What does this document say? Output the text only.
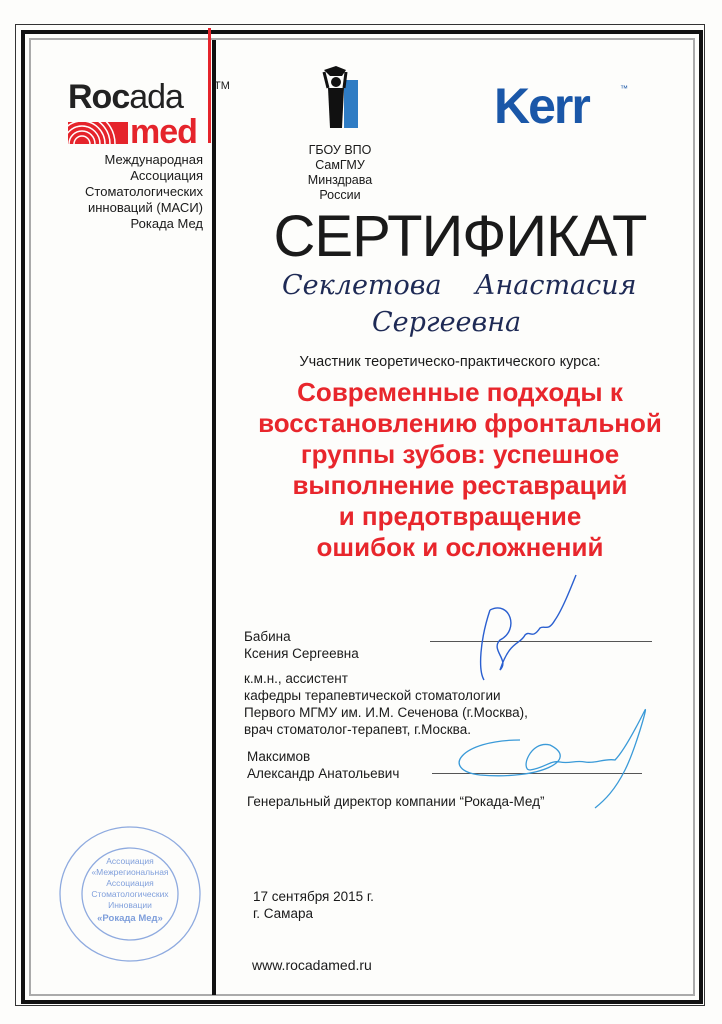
Rocada	TM
med
Международная
Ассоциация
Стоматологических
инноваций (МАСИ)
Рокада Мед
ГБОУ ВПО
СамГМУ
Минздрава
России
Kerr	™
СЕРТИФИКАТ
Секлетова Анастасия
Сергеевна
Участник теоретическо-практического курса:
Современные подходы к
восстановлению фронтальной
группы зубов: успешное
выполнение реставраций
и предотвращение
ошибок и осложнений
Бабина
Ксения Сергеевна
к.м.н., ассистент
кафедры терапевтической стоматологии
Первого МГМУ им. И.М. Сеченова (г.Москва),
врач стоматолог-терапевт, г.Москва.
Максимов
Александр Анатольевич
Генеральный директор компании “Рокада-Мед”
Ассоциация
«Межрегиональная
Ассоциация
Стоматологических
Инновации
«Рокада Мед»
17 сентября 2015 г.
г. Самара
www.rocadamed.ru
